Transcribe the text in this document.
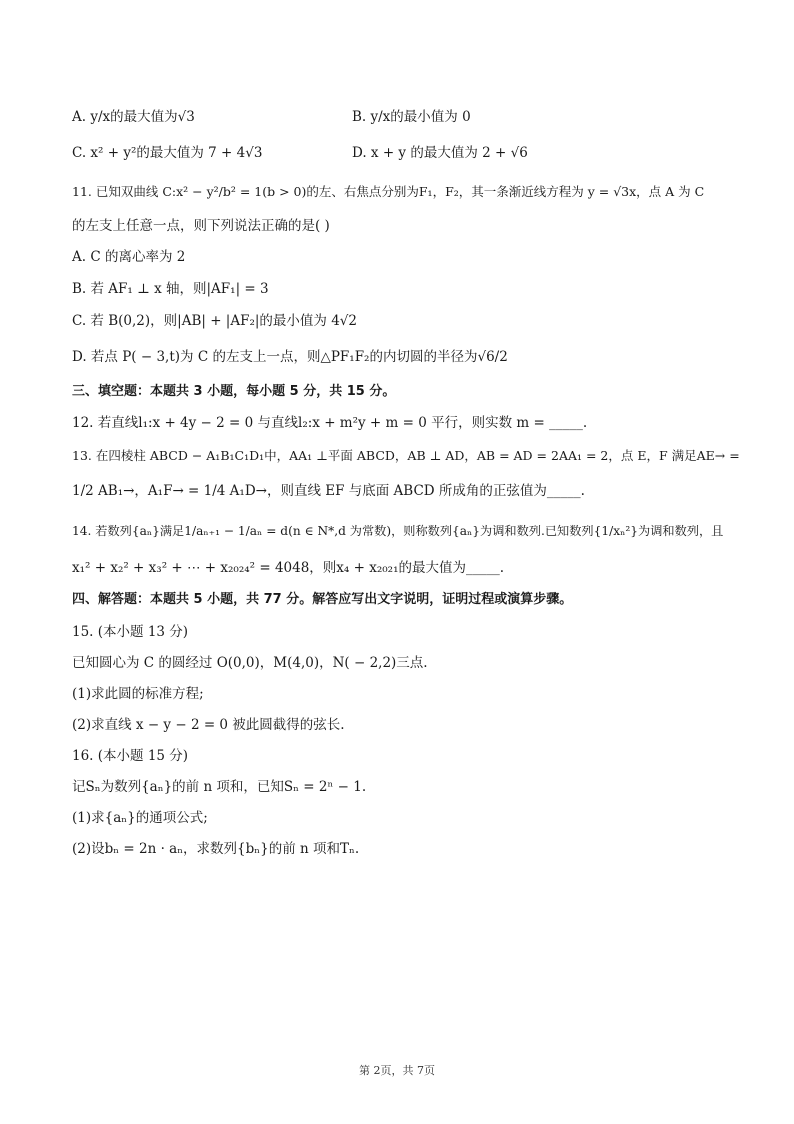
A. y/x的最大值为√3	B. y/x的最小值为 0
C. x² + y²的最大值为 7 + 4√3	D. x + y 的最大值为 2 + √6
11. 已知双曲线 C:x² − y²/b² = 1(b > 0)的左、右焦点分别为F₁，F₂，其一条渐近线方程为 y = √3x，点 A 为 C
的左支上任意一点，则下列说法正确的是( )
A. C 的离心率为 2
B. 若 AF₁ ⊥ x 轴，则|AF₁| = 3
C. 若 B(0,2)，则|AB| + |AF₂|的最小值为 4√2
D. 若点 P( − 3,t)为 C 的左支上一点，则△PF₁F₂的内切圆的半径为√6/2
三、填空题：本题共 3 小题，每小题 5 分，共 15 分。
12. 若直线l₁:x + 4y − 2 = 0 与直线l₂:x + m²y + m = 0 平行，则实数 m = _____.
13. 在四棱柱 ABCD − A₁B₁C₁D₁中，AA₁ ⊥平面 ABCD，AB ⊥ AD，AB = AD = 2AA₁ = 2，点 E，F 满足AE→ =
1/2 AB₁→，A₁F→ = 1/4 A₁D→，则直线 EF 与底面 ABCD 所成角的正弦值为_____.
14. 若数列{aₙ}满足1/aₙ₊₁ − 1/aₙ = d(n ∈ N*,d 为常数)，则称数列{aₙ}为调和数列.已知数列{1/xₙ²}为调和数列，且
x₁² + x₂² + x₃² + ⋯ + x₂₀₂₄² = 4048，则x₄ + x₂₀₂₁的最大值为_____.
四、解答题：本题共 5 小题，共 77 分。解答应写出文字说明，证明过程或演算步骤。
15. (本小题 13 分)
已知圆心为 C 的圆经过 O(0,0)，M(4,0)，N( − 2,2)三点.
(1)求此圆的标准方程;
(2)求直线 x − y − 2 = 0 被此圆截得的弦长.
16. (本小题 15 分)
记Sₙ为数列{aₙ}的前 n 项和，已知Sₙ = 2ⁿ − 1.
(1)求{aₙ}的通项公式;
(2)设bₙ = 2n · aₙ，求数列{bₙ}的前 n 项和Tₙ.
第 2页，共 7页
